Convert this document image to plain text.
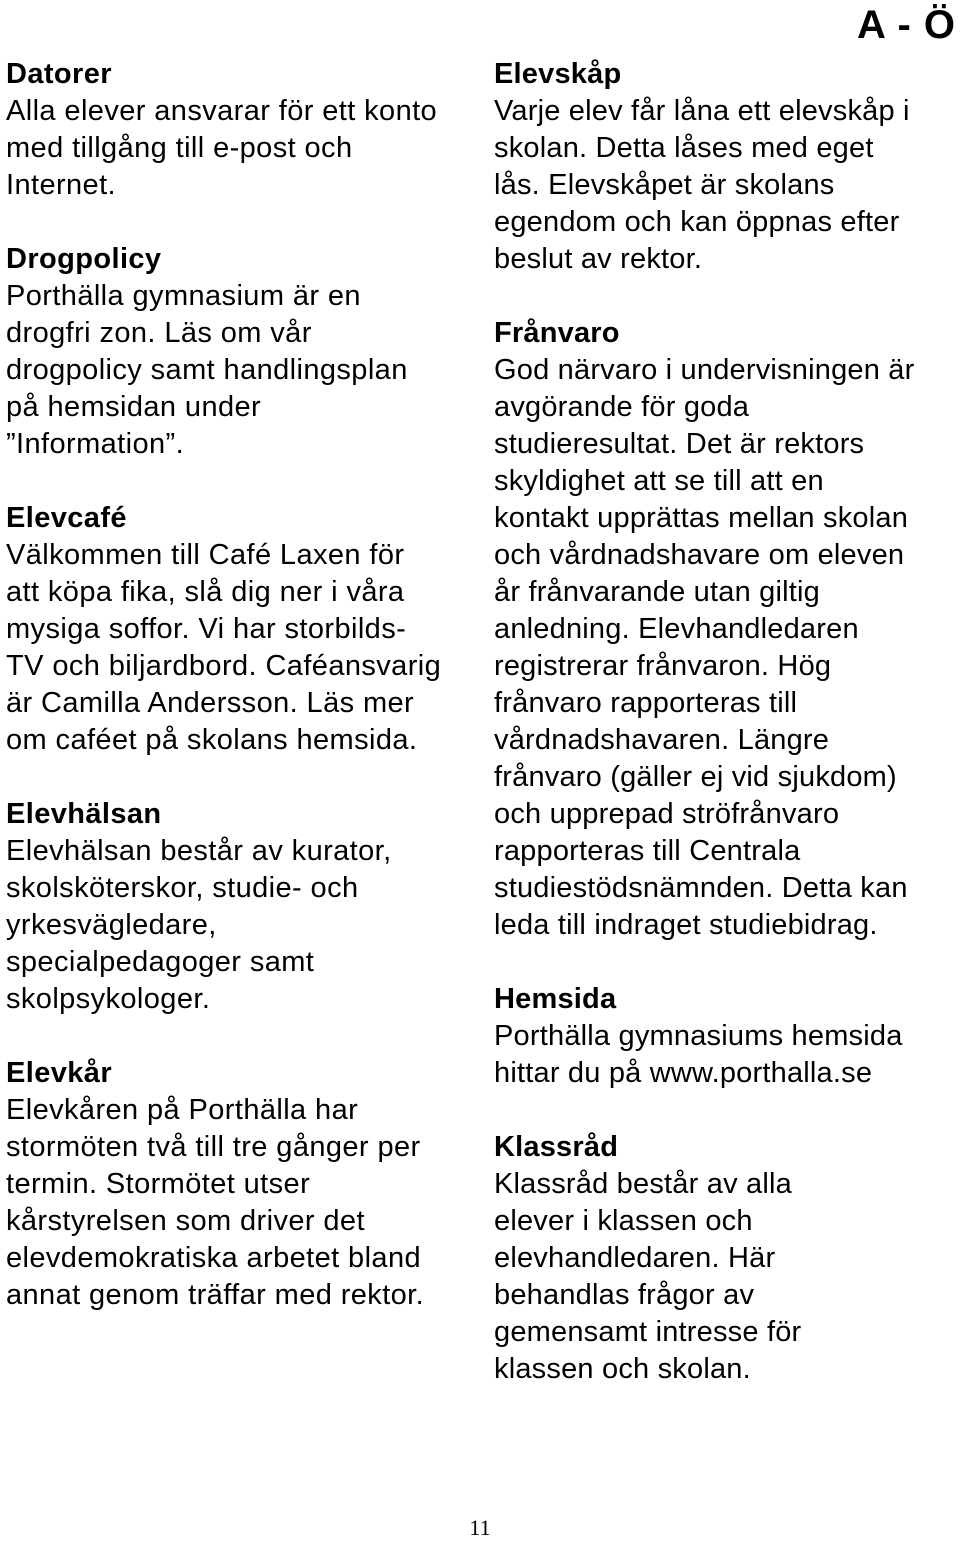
A - Ö
Datorer

Alla elever ansvarar för ett konto
med tillgång till e-post och
Internet.

Drogpolicy

Porthälla gymnasium är en
drogfri zon. Läs om vår
drogpolicy samt handlingsplan
på hemsidan under
”Information”.

Elevcafé

Välkommen till Café Laxen för
att köpa fika, slå dig ner i våra
mysiga soffor. Vi har storbilds-
TV och biljardbord. Caféansvarig
är Camilla Andersson. Läs mer
om caféet på skolans hemsida.

Elevhälsan

Elevhälsan består av kurator,
skolsköterskor, studie- och
yrkesvägledare,
specialpedagoger samt
skolpsykologer.

Elevkår

Elevkåren på Porthälla har
stormöten två till tre gånger per
termin. Stormötet utser
kårstyrelsen som driver det
elevdemokratiska arbetet bland
annat genom träffar med rektor.

Elevskåp

Varje elev får låna ett elevskåp i
skolan. Detta låses med eget
lås. Elevskåpet är skolans
egendom och kan öppnas efter
beslut av rektor.

Frånvaro

God närvaro i undervisningen är
avgörande för goda
studieresultat. Det är rektors
skyldighet att se till att en
kontakt upprättas mellan skolan
och vårdnadshavare om eleven
år frånvarande utan giltig
anledning. Elevhandledaren
registrerar frånvaron. Hög
frånvaro rapporteras till
vårdnadshavaren. Längre
frånvaro (gäller ej vid sjukdom)
och upprepad ströfrånvaro
rapporteras till Centrala
studiestödsnämnden. Detta kan
leda till indraget studiebidrag.

Hemsida

Porthälla gymnasiums hemsida
hittar du på www.porthalla.se

Klassråd

Klassråd består av alla
elever i klassen och
elevhandledaren. Här
behandlas frågor av
gemensamt intresse för
klassen och skolan.

11
